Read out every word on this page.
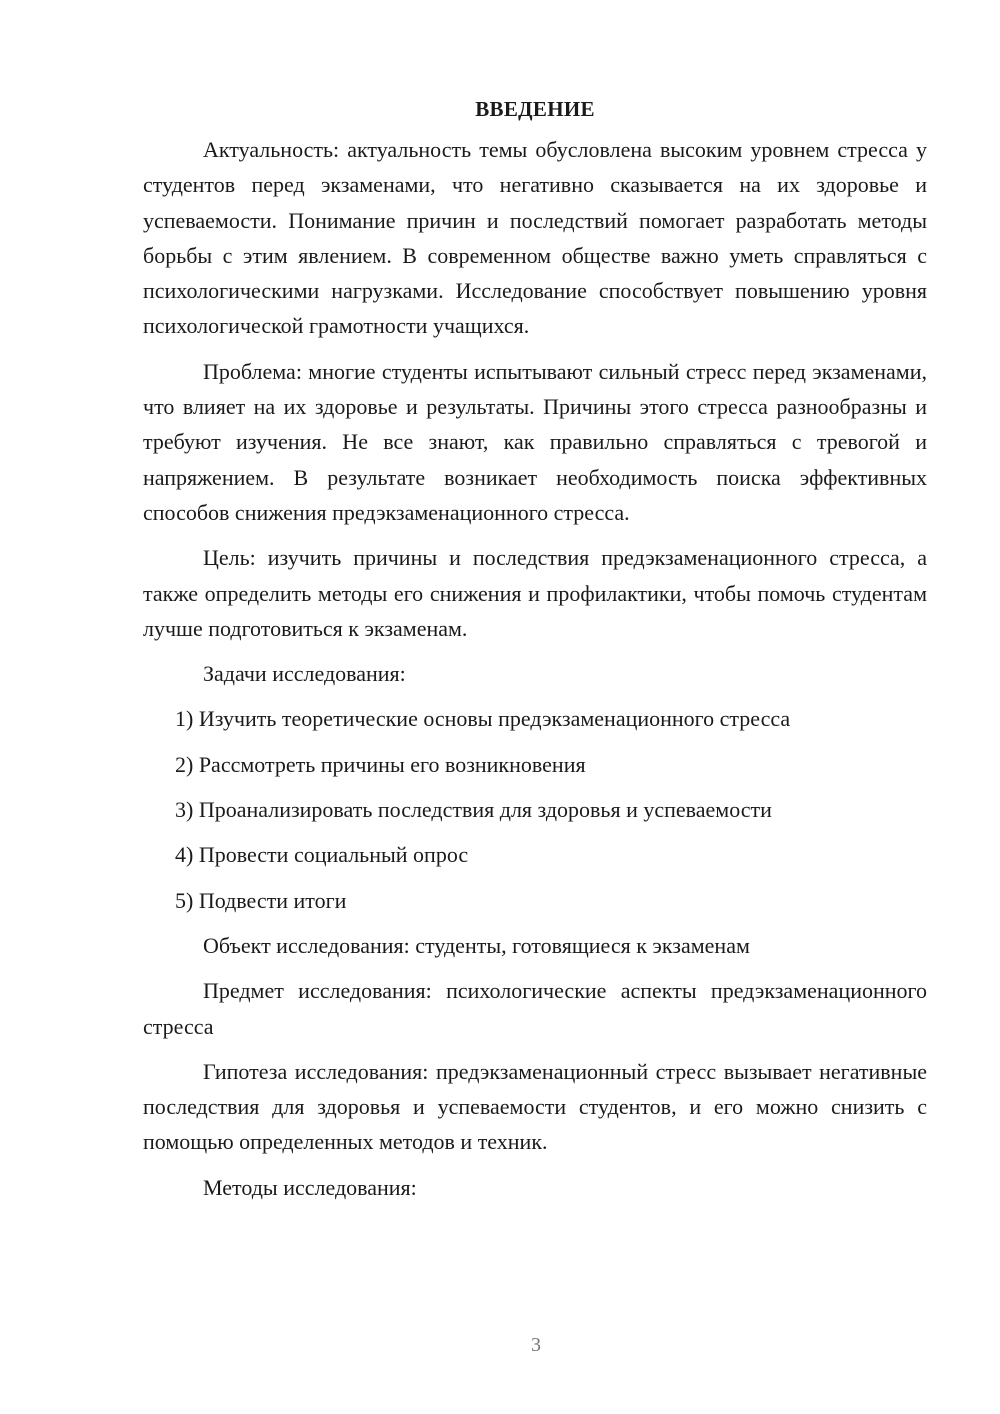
ВВЕДЕНИЕ

Актуальность: актуальность темы обусловлена высоким уровнем стресса у студентов перед экзаменами, что негативно сказывается на их здоровье и успеваемости. Понимание причин и последствий помогает разработать методы борьбы с этим явлением. В современном обществе важно уметь справляться с психологическими нагрузками. Исследование способствует повышению уровня психологической грамотности учащихся.

Проблема: многие студенты испытывают сильный стресс перед экзаменами, что влияет на их здоровье и результаты. Причины этого стресса разнообразны и требуют изучения. Не все знают, как правильно справляться с тревогой и напряжением. В результате возникает необходимость поиска эффективных способов снижения предэкзаменационного стресса.

Цель: изучить причины и последствия предэкзаменационного стресса, а также определить методы его снижения и профилактики, чтобы помочь студентам лучше подготовиться к экзаменам.

Задачи исследования:

1) Изучить теоретические основы предэкзаменационного стресса
2) Рассмотреть причины его возникновения
3) Проанализировать последствия для здоровья и успеваемости
4) Провести социальный опрос
5) Подвести итоги

Объект исследования: студенты, готовящиеся к экзаменам

Предмет исследования: психологические аспекты предэкзаменационного стресса

Гипотеза исследования: предэкзаменационный стресс вызывает негативные последствия для здоровья и успеваемости студентов, и его можно снизить с помощью определенных методов и техник.

Методы исследования:

3
